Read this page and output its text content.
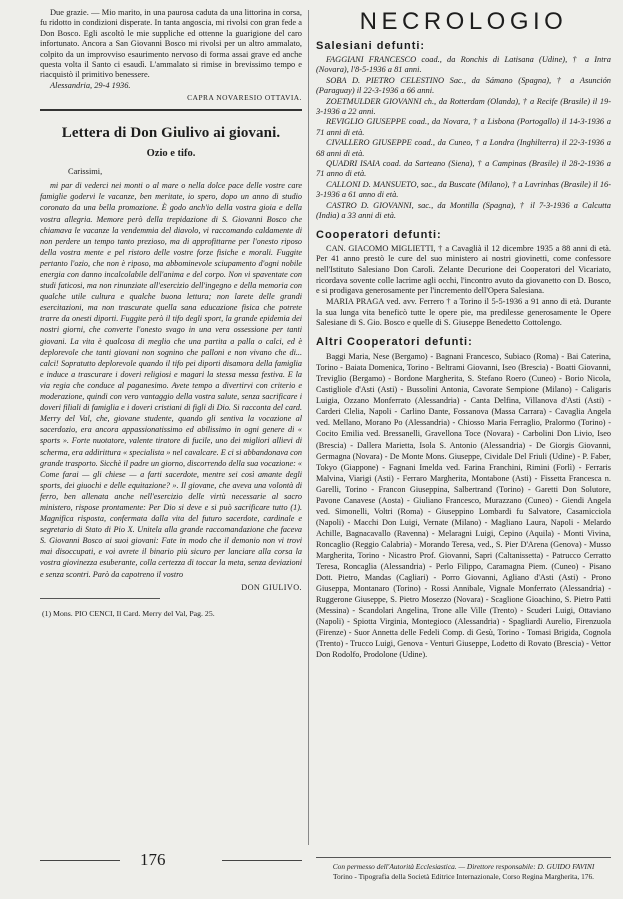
Due grazie. — Mio marito, in una paurosa caduta da una littorina in corsa, fu ridotto in condizioni disperate. In tanta angoscia, mi rivolsi con gran fede a Don Bosco. Egli ascoltò le mie suppliche ed ottenne la guarigione del caro infortunato. Ancora a San Giovanni Bosco mi rivolsi per un altro ammalato, colpito da un improvviso esaurimento nervoso di forma assai grave ed anche questa volta il Santo ci esaudì. L'ammalato si rimise in brevissimo tempo e riacquistò il primitivo benessere.

Alessandria, 29-4 1936.

CAPRA NOVARESIO OTTAVIA.
Lettera di Don Giulivo ai giovani.
Ozio e tifo.
Carissimi,

mi par di vederci nei monti o al mare o nella dolce pace delle vostre care famiglie godervi le vacanze, ben meritate, io spero, dopo un anno di studio coronato da una bella promozione. È godo anch'io della vostra gioia e della vostra allegria. Memore però della trepidazione di S. Giovanni Bosco che chiamava le vacanze la vendemmia del diavolo, vi raccomando caldamente di non perdere un tempo tanto prezioso, ma di approfittarne per l'onesto riposo della vostra mente e pel ristoro delle vostre forze fisiche e morali. Fuggite pertanto l'ozio, che non è riposo, ma abbominevole sciupamento d'ogni nobile energia con danno incalcolabile dell'anima e del corpo. Non vi spaventate con studi faticosi, ma non rinunziate all'esercizio dell'ingegno e della memoria con qualche utile cultura e qualche buona lettura; non larete delle grandi esercitazioni, ma non trascurate quella sana educazione fisica che potrete trarre da onesti diporti. Fuggite però il tifo degli sport, la grande epidemia dei nostri giorni, che converte l'onesto svago in una vera ossessione per tanti giovani. La vita è qualcosa di meglio che una partita a palla o calci, ed è deplorevole che tanti giovani non sognino che palloni e non vivano che di... calci! Sopratutto deplorevole quando il tifo pei diporti disamora della famiglia e induce a trascurare i doveri religiosi e magari la stessa messa festiva. E la via regia che conduce al paganesimo. Avete tempo a divertirvi con criterio e moderazione, quindi con vero vantaggio della vostra salute, senza sacrificare i doveri filiali di famiglia e i doveri cristiani di figli di Dio. Si racconta del card. Merry del Val, che, giovane studente, quando gli sentiva la vocazione al sacerdozio, era ancora appassionatissimo ed abilissimo in ogni genere di « sports ». Forte nuotatore, valente tiratore di fucile, uno dei migliori allievi di scherma, era addirittura « specialista » nel cavalcare. E ci si abbandonava con grande trasporto. Sicchè il padre un giorno, discorrendo della sua vocazione: « Come farai — gli chiese — a farti sacerdote, mentre sei così amante degli sports, dei giuochi e delle equitazione? ». Il giovane, che aveva una volontà di ferro, ben allenata anche nell'esercizio delle virtù necessarie al sacro ministero, rispose prontamente: Per Dio si deve e si può sacrificare tutto (1). Magnifica risposta, confermata dalla vita del futuro sacerdote, cardinale e segretario di Stato di Pio X. Unitela alla grande raccomandazione che faceva S. Giovanni Bosco ai suoi giovani: Fate in modo che il demonio non vi trovi mai disoccupati, e voi avrete il binario più sicuro per lanciare alla corsa la vostra giovinezza esuberante, colla certezza di toccar la meta, senza deviazioni e senza scontri. Parò da capotreno il vostro

DON GIULIVO.
(1) Mons. PIO CENCI, Il Card. Merry del Val, Pag. 25.
NECROLOGIO
Salesiani defunti:

FAGGIANI FRANCESCO coad., da Ronchis di Latisana (Udine), † a Intra (Novara), l'8-5-1936 a 81 anni.

SOBA D. PIETRO CELESTINO Sac., da Sámano (Spagna), † a Asunción (Paraguay) il 22-3-1936 a 66 anni.

ZOETMULDER GIOVANNI ch., da Rotterdam (Olanda), † a Recife (Brasile) il 19-3-1936 a 22 anni.

REVIGLIO GIUSEPPE coad., da Novara, † a Lisbona (Portogallo) il 14-3-1936 a 71 anni di età.

CIVALLERO GIUSEPPE coad., da Cuneo, † a Londra (Inghilterra) il 22-3-1936 a 68 anni di età.

QUADRI ISAIA coad. da Sarteano (Siena), † a Campinas (Brasile) il 28-2-1936 a 71 anno di età.

CALLONI D. MANSUETO, sac., da Buscate (Milano), † a Lavrinhas (Brasile) il 16-3-1936 a 61 anno di età.

CASTRO D. GIOVANNI, sac., da Montilla (Spagna), † il 7-3-1936 a Calcutta (India) a 33 anni di età.

Cooperatori defunti:

CAN. GIACOMO MIGLIETTI, † a Cavaglià il 12 dicembre 1935 a 88 anni di età. Per 41 anno prestò le cure del suo ministero ai nostri giovinetti, come confessore nell'Istituto Salesiano Don Carolì. Zelante Decurione dei Cooperatori del Vicariato, ricordava sovente colle lacrime agli occhi, l'incontro avuto da giovanetto con D. Bosco, e si prodigava generosamente per l'incremento dell'Opera Salesiana.

MARIA PRAGA ved. avv. Ferrero † a Torino il 5-5-1936 a 91 anno di età. Durante la sua lunga vita beneficò tutte le opere pie, ma predilesse generosamente le Opere Salesiane di S. Gio. Bosco e quelle di S. Giuseppe Benedetto Cottolengo.

Altri Cooperatori defunti:

Baggi Maria, Nese (Bergamo) - Bagnani Francesco, Subiaco (Roma) - Bai Caterina, Torino - Baiata Domenica, Torino - Beltrami Giovanni, Iseo (Brescia) - Boatti Giovanni, Treviglio (Bergamo) - Bordone Margherita, S. Stefano Roero (Cuneo) - Borio Nicola, Castigliole d'Asti (Asti) - Bussolini Antonia, Cavorate Sempione (Milano) - Caligaris Luigia, Ozzano Monferrato (Alessandria) - Canta Delfina, Villanova d'Asti (Asti) - Carderi Clelia, Napoli - Carlino Dante, Fossanova (Massa Carrara) - Cavaglia Angela ved. Mellano, Morano Po (Alessandria) - Chiosso Maria Ferraglio, Pralormo (Torino) - Cocito Emilia ved. Bressanelli, Gravellona Toce (Novara) - Carbolini Don Livio, Iseo (Brescia) - Dallera Marietta, Isola S. Antonio (Alessandria) - De Giorgis Giovanni, Germagna (Novara) - De Monte Mons. Giuseppe, Cividale Del Friuli (Udine) - P. Faber, Tokyo (Giappone) - Fagnani Imelda ved. Farina Franchini, Rimini (Forlì) - Ferraris Malvina, Viarigi (Asti) - Ferraro Margherita, Montabone (Asti) - Fissetta Francesca n. Garelli, Torino - Francon Giuseppina, Salbertrand (Torino) - Garetti Don Solutore, Pavone Canavese (Aosta) - Giuliano Francesco, Murazzano (Cuneo) - Giendi Angela ved. Simonelli, Voltri (Roma) - Giuseppino Lombardi fu Salvatore, Casamicciola (Napoli) - Macchi Don Luigi, Vernate (Milano) - Magliano Laura, Napoli - Melardo Achille, Bagnacavallo (Ravenna) - Melaragni Luigi, Cepino (Aquila) - Monti Vivina, Roncaglio (Reggio Calabria) - Morando Teresa, ved., S. Pier D'Arena (Genova) - Musso Margherita, Torino - Nicastro Prof. Giovanni, Sapri (Caltanissetta) - Patrucco Cerratto Teresa, Roncaglia (Alessandria) - Perlo Filippo, Caramagna Piem. (Cuneo) - Pisano Dott. Pietro, Mandas (Cagliari) - Porro Giovanni, Agliano d'Asti (Asti) - Prono Giuseppa, Montanaro (Torino) - Rossi Annibale, Vignale Monferrato (Alessandria) - Ruggerone Giuseppe, S. Pietro Mosezzo (Novara) - Scaglione Gioachino, S. Pietro Patti (Messina) - Scandolari Angelina, Trone alle Ville (Trento) - Scuderi Luigi, Ottaviano (Napoli) - Spiotta Virginia, Montegioco (Alessandria) - Spagliardi Aurelio, Firenzuola (Firenze) - Suor Annetta delle Fedeli Comp. di Gesù, Torino - Tomasi Brigida, Cognola (Trento) - Trucco Luigi, Genova - Venturi Giuseppe, Lodetto di Rovato (Brescia) - Vettor Don Rodolfo, Prodolone (Udine).

176	Con permesso dell'Autorità Ecclesiastica. — Direttore responsabile: D. GUIDO FAVINI
Torino - Tipografia della Società Editrice Internazionale, Corso Regina Margherita, 176.
